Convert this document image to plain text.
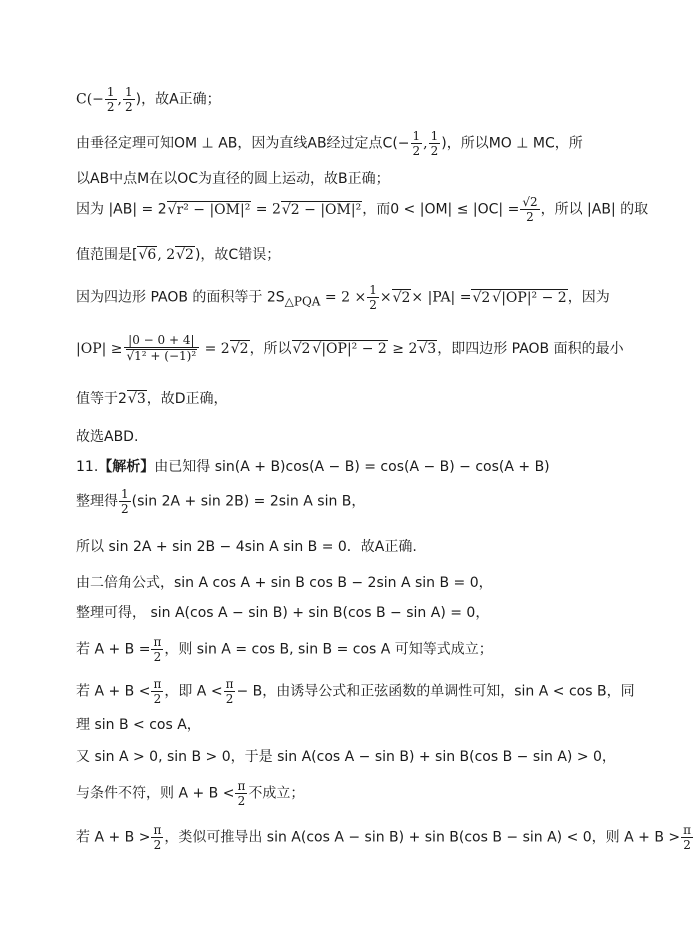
$C(- \frac{1}{2}$ , $\frac{1}{2}$ )，故A正确；
由垂径定理可知OM ⊥ AB，因为直线AB经过定点$C(- \frac{1}{2}$ , $\frac{1}{2}$ )，所以MO ⊥ MC，所
以AB中点M在以OC为直径的圆上运动，故B正确；
因为 |AB| = 2√r² − |OM|² = 2√2 − |OM|²，而$0 < |OM| \le |OC| = \frac{√2}{2}$ ，所以 |AB| 的取
值范围是[√6, 2√2)，故C错误；
因为四边形 PAOB 的面积等于 $2S_{\triangle PQA} = 2 \times \frac{1}{2} \times√2\times |PA| =√2$ √|OP|² − 2，因为
$|OP| \ge \frac{|0 - 0 + 4|}{\text{√1² + (−1)²}} = 2√2$，所以√2 √|OP|² − 2 ≥ 2√3，即四边形 PAOB 面积的最小
值等于2√3，故D正确，
故选ABD.
11.【解析】由已知得 sin(A + B)cos(A − B) = cos(A − B) − cos(A + B)
整理得 $\frac{1}{2} (\sin$ 2A + sin 2B) = 2sin A sin B，
所以 sin 2A + sin 2B − 4sin A sin B = 0．故A正确.
由二倍角公式，sin A cos A + sin B cos B − 2sin A sin B = 0，
整理可得， sin A(cos A − sin B) + sin B(cos B − sin A) = 0，
若 $A + B = \frac{\pi}{2}$ ，则 sin A = cos B, sin B = cos A 可知等式成立；
若 $A + B < \frac{\pi}{2}$ ，即 $A < \frac{\pi}{2} - B$，由诱导公式和正弦函数的单调性可知，sin A < cos B，同
理 sin B < cos A，
又 sin A > 0, sin B > 0，于是 sin A(cos A − sin B) + sin B(cos B − sin A) > 0，
与条件不符，则 $A + B < \frac{\pi}{2}$ 不成立；
若 $A + B > \frac{\pi}{2}$ ，类似可推导出 sin A(cos A − sin B) + sin B(cos B − sin A) < 0，则 $A + B > \frac{\pi}{2}$
